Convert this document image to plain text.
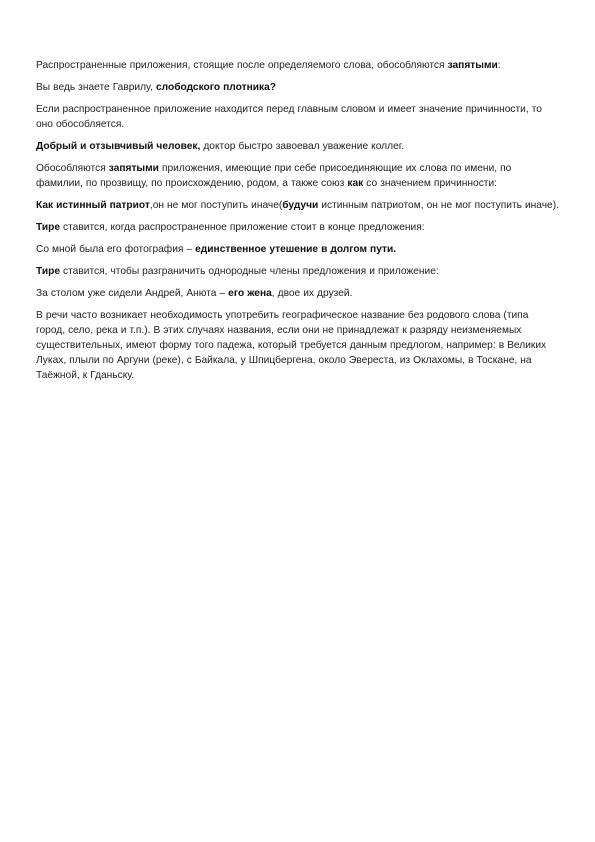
Распространенные приложения, стоящие после определяемого слова, обособляются запятыми:

Вы ведь знаете Гаврилу, слободского плотника?

Если распространенное приложение находится перед главным словом и имеет значение причинности, то оно обособляется.

Добрый и отзывчивый человек, доктор быстро завоевал уважение коллег.

Обособляются запятыми приложения, имеющие при себе присоединяющие их слова по имени, по фамилии, по прозвищу, по происхождению, родом, а также союз как со значением причинности:

Как истинный патриот,он не мог поступить иначе(будучи истинным патриотом, он не мог поступить иначе).

Тире ставится, когда распространенное приложение стоит в конце предложения:

Со мной была его фотография – единственное утешение в долгом пути.

Тире ставится, чтобы разграничить однородные члены предложения и приложение:

За столом уже сидели Андрей, Анюта – его жена, двое их друзей.

В речи часто возникает необходимость употребить географическое название без родового слова (типа город, село, река и т.п.). В этих случаях названия, если они не принадлежат к разряду неизменяемых существительных, имеют форму того падежа, который требуется данным предлогом, например: в Великих Луках, плыли по Аргуни (реке), с Байкала, у Шпицбергена, около Эвереста, из Оклахомы, в Тоскане, на Таёжной, к Гданьску.
